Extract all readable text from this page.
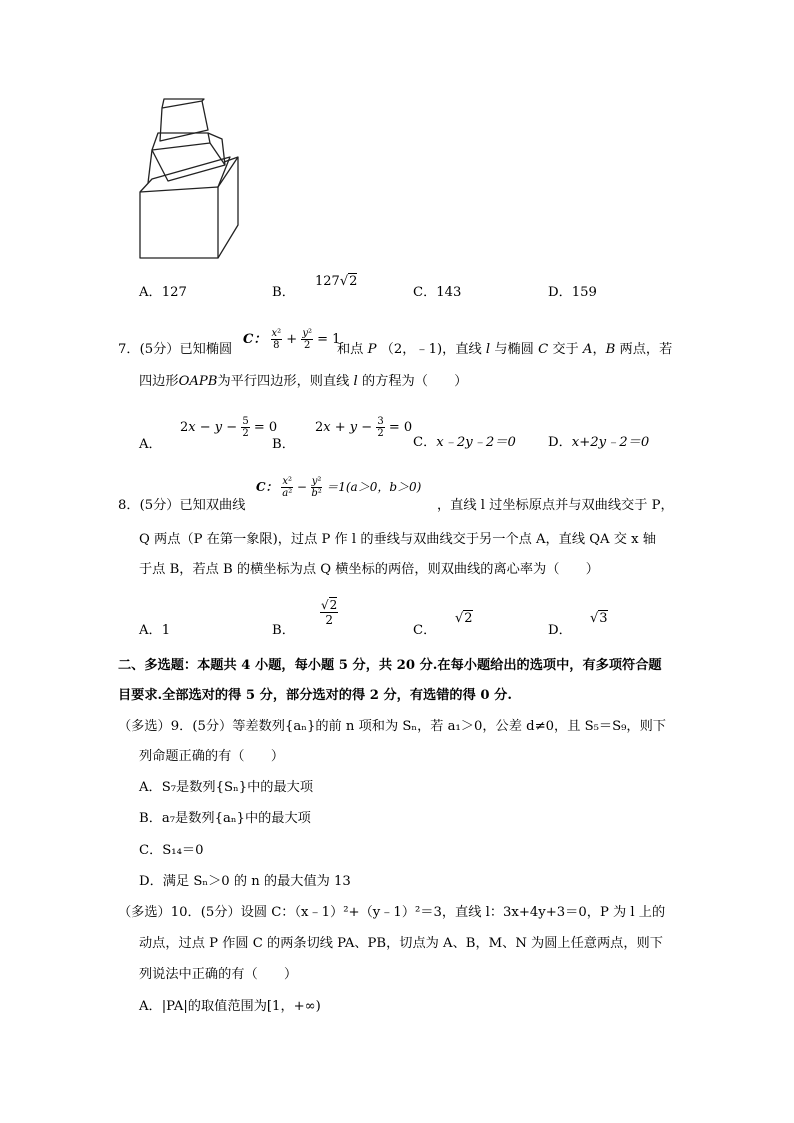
A．127	B．
127√2
C．143	D．159
7．(5分）已知椭圆
C： $\frac{\text{x²}}{8} + \frac{\text{y²}}{2} = 1$
和点 P （2，﹣1)，直线 l 与椭圆 C 交于 A，B 两点，若
四边形OAPB为平行四边形，则直线 l 的方程为（　　）
A．
$2x - y - \frac{5}{2} = 0$
B．
$2x + y - \frac{3}{2} = 0$
C．x﹣2y﹣2＝0 D．x+2y﹣2＝0
8．(5分）已知双曲线
C： $\frac{\text{x²}}{\text{a²}} - \frac{\text{y²}}{\text{b²}} =1(a>0$，b＞0)
，直线 l 过坐标原点并与双曲线交于 P，
Q 两点（P 在第一象限)，过点 P 作 l 的垂线与双曲线交于另一个点 A，直线 QA 交 x 轴
于点 B，若点 B 的横坐标为点 Q 横坐标的两倍，则双曲线的离心率为（　　）
A．1	B．
$\frac{√2}{2}$
C．
√2
D．
√3
二、多选题：本题共 4 小题，每小题 5 分，共 20 分.在每小题给出的选项中，有多项符合题
目要求.全部选对的得 5 分，部分选对的得 2 分，有选错的得 0 分.
（多选）9．(5分）等差数列{aₙ}的前 n 项和为 Sₙ，若 a₁＞0，公差 d≠0，且 S₅＝S₉，则下
列命题正确的有（　　）
A．S₇是数列{Sₙ}中的最大项
B．a₇是数列{aₙ}中的最大项
C．S₁₄＝0
D．满足 Sₙ＞0 的 n 的最大值为 13
（多选）10．(5分）设圆 C：（x﹣1）²+（y﹣1）²＝3，直线 l：3x+4y+3＝0，P 为 l 上的
动点，过点 P 作圆 C 的两条切线 PA、PB，切点为 A、B，M、N 为圆上任意两点，则下
列说法中正确的有（　　）
A．|PA|的取值范围为[1，+∞)
